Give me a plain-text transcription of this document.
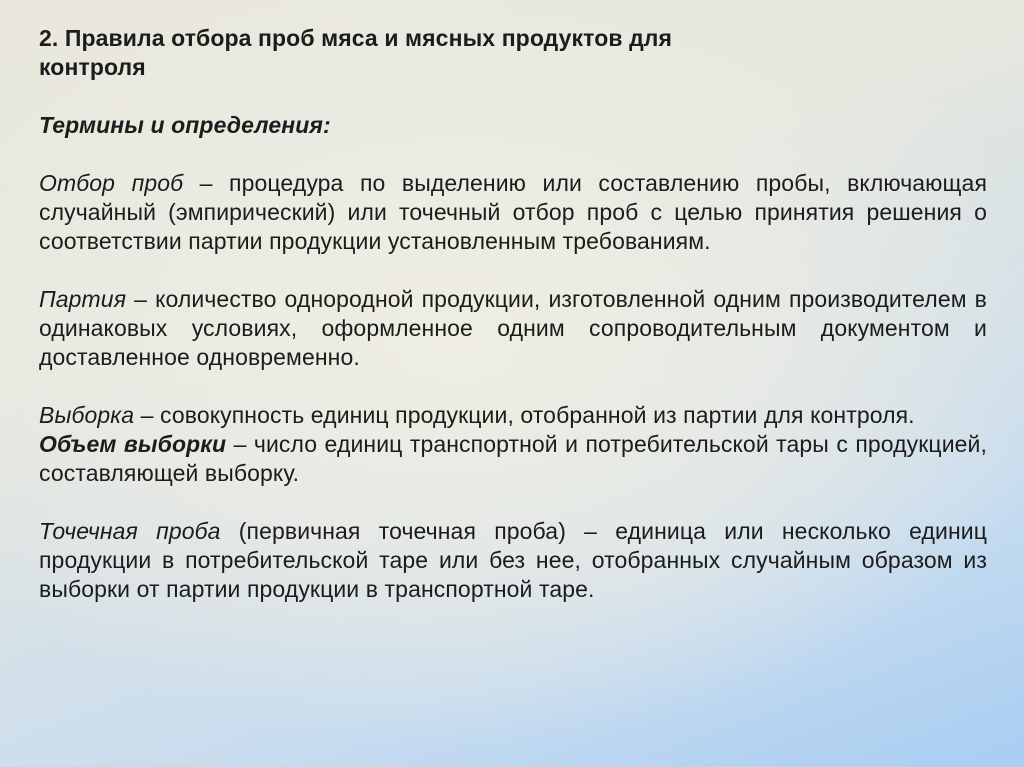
2. Правила отбора проб мяса и мясных продуктов для
контроля

Термины и определения:

Отбор проб – процедура по выделению или составлению пробы, включающая случайный (эмпирический) или точечный отбор проб с целью принятия решения о соответствии партии продукции установленным требованиям.

Партия – количество однородной продукции, изготовленной одним производителем в одинаковых условиях, оформленное одним сопроводительным документом и доставленное одновременно.

Выборка – совокупность единиц продукции, отобранной из партии для контроля.

Объем выборки – число единиц транспортной и потребительской тары с продукцией, составляющей выборку.

Точечная проба (первичная точечная проба) – единица или несколько единиц продукции в потребительской таре или без нее, отобранных случайным образом из выборки от партии продукции в транспортной таре.
